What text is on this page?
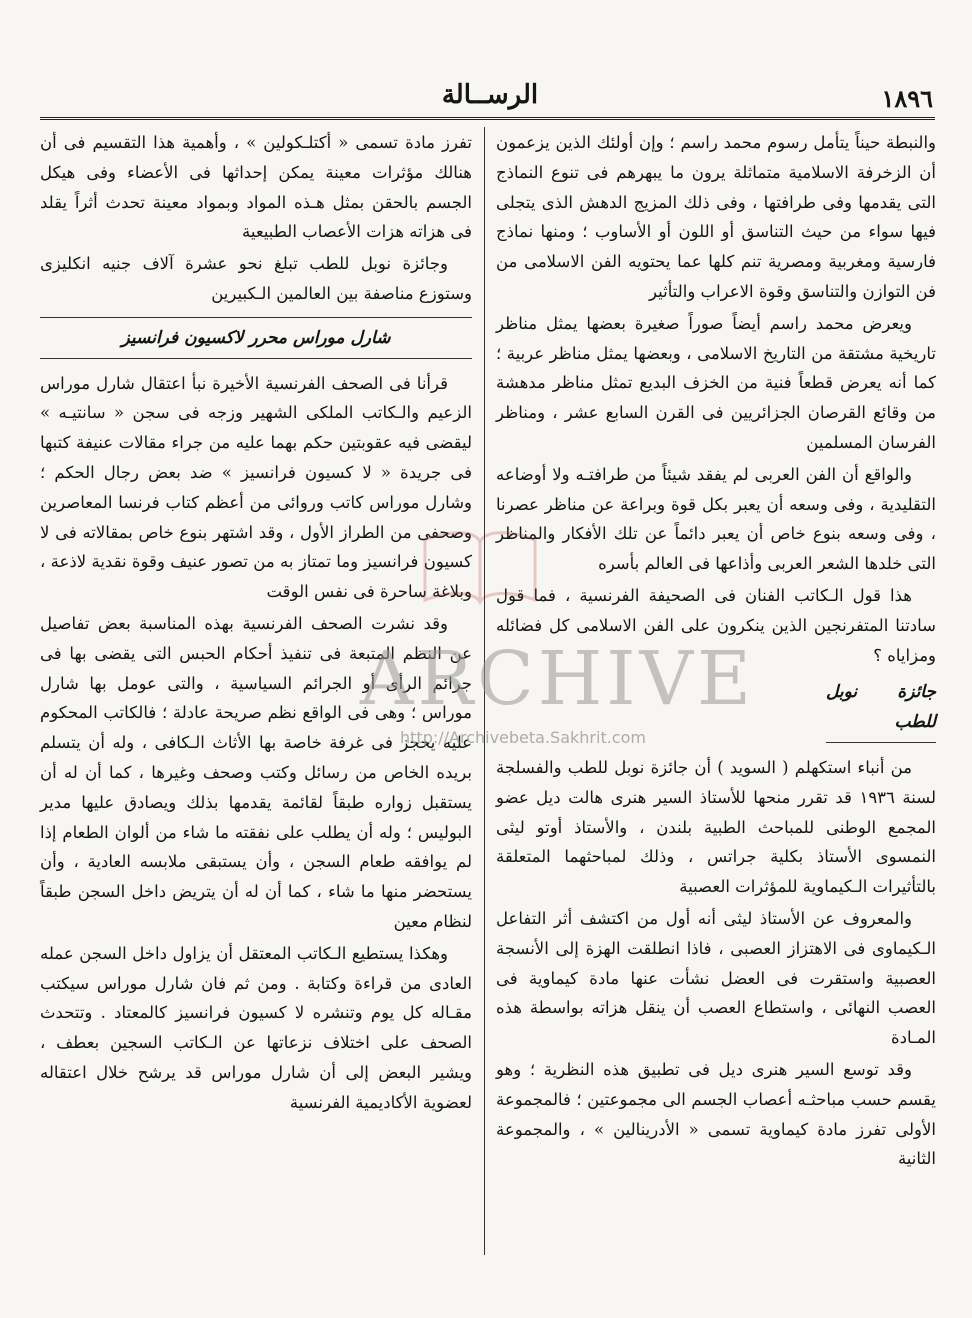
١٨٩٦
الرســالة

والنبطة حيناً يتأمل رسوم محمد راسم ؛ وإن أولئك الذين يزعمون أن الزخرفة الاسلامية متماثلة يرون ما يبهرهم فى تنوع النماذج التى يقدمها وفى طرافتها ، وفى ذلك المزيج الدهش الذى يتجلى فيها سواء من حيث التناسق أو اللون أو الأساوب ؛ ومنها نماذج فارسية ومغربية ومصرية تنم كلها عما يحتويه الفن الاسلامى من فن التوازن والتناسق وقوة الاعراب والتأثير

ويعرض محمد راسم أيضاً صوراً صغيرة بعضها يمثل مناظر تاريخية مشتقة من التاريخ الاسلامى ، وبعضها يمثل مناظر عربية ؛ كما أنه يعرض قطعاً فنية من الخزف البديع تمثل مناظر مدهشة من وقائع القرصان الجزائريين فى القرن السابع عشر ، ومناظر الفرسان المسلمين

والواقع أن الفن العربى لم يفقد شيئاً من طرافتـه ولا أوضاعه التقليدية ، وفى وسعه أن يعبر بكل قوة وبراعة عن مناظر عصرنا ، وفى وسعه بنوع خاص أن يعبر دائماً عن تلك الأفكار والمناظر التى خلدها الشعر العربى وأذاعها فى العالم بأسره

هذا قول الـكاتب الفنان فى الصحيفة الفرنسية ، فما قول سادتنا المتفرنجين الذين ينكرون على الفن الاسلامى كل فضائله ومزاياه ؟

جائزة نوبل للطب

من أنباء استكهلم ( السويد ) أن جائزة نوبل للطب والفسلجة لسنة ١٩٣٦ قد تقرر منحها للأستاذ السير هنرى هالت ديل عضو المجمع الوطنى للمباحث الطبية بلندن ، والأستاذ أوتو ليثى النمسوى الأستاذ بكلية جراتس ، وذلك لمباحثهما المتعلقة بالتأثيرات الـكيماوية للمؤثرات العصبية

والمعروف عن الأستاذ ليثى أنه أول من اكتشف أثر التفاعل الـكيماوى فى الاهتزاز العصبى ، فاذا انطلقت الهزة إلى الأنسجة العصبية واستقرت فى العضل نشأت عنها مادة كيماوية فى العصب النهائى ، واستطاع العصب أن ينقل هزاته بواسطة هذه المـادة

وقد توسع السير هنرى ديل فى تطبيق هذه النظرية ؛ وهو يقسم حسب مباحثـه أعصاب الجسم الى مجموعتين ؛ فالمجموعة الأولى تفرز مادة كيماوية تسمى « الأدرينالين » ، والمجموعة الثانية

تفرز مادة تسمى « أكتلـكولين » ، وأهمية هذا التقسيم فى أن هنالك مؤثرات معينة يمكن إحداثها فى الأعضاء وفى هيكل الجسم بالحقن بمثل هـذه المواد وبمواد معينة تحدث أثراً يقلد فى هزاته هزات الأعصاب الطبيعية

وجائزة نوبل للطب تبلغ نحو عشرة آلاف جنيه انكليزى وستوزع مناصفة بين العالمين الـكبيرين

شارل موراس محرر لاكسيون فرانسيز

قرأنا فى الصحف الفرنسية الأخيرة نبأ اعتقال شارل موراس الزعيم والـكاتب الملكى الشهير وزجه فى سجن « سانتيـه » ليقضى فيه عقوبتين حكم بهما عليه من جراء مقالات عنيفة كتبها فى جريدة « لا كسيون فرانسيز » ضد بعض رجال الحكم ؛ وشارل موراس كاتب وروائى من أعظم كتاب فرنسا المعاصرين وصحفى من الطراز الأول ، وقد اشتهر بنوع خاص بمقالاته فى لا كسيون فرانسيز وما تمتاز به من تصور عنيف وقوة نقدية لاذعة ، وبلاغة ساحرة فى نفس الوقت

وقد نشرت الصحف الفرنسية بهذه المناسبة بعض تفاصيل عن النظم المتبعة فى تنفيذ أحكام الحبس التى يقضى بها فى جرائم الرأى أو الجرائم السياسية ، والتى عومل بها شارل موراس ؛ وهى فى الواقع نظم صريحة عادلة ؛ فالكاتب المحكوم عليه يحجز فى غرفة خاصة بها الأثاث الـكافى ، وله أن يتسلم بريده الخاص من رسائل وكتب وصحف وغيرها ، كما أن له أن يستقبل زواره طبقاً لقائمة يقدمها بذلك ويصادق عليها مدير البوليس ؛ وله أن يطلب على نفقته ما شاء من ألوان الطعام إذا لم يوافقه طعام السجن ، وأن يستبقى ملابسه العادية ، وأن يستحضر منها ما شاء ، كما أن له أن يتريض داخل السجن طبقاً لنظام معين

وهكذا يستطيع الـكاتب المعتقل أن يزاول داخل السجن عمله العادى من قراءة وكتابة . ومن ثم فان شارل موراس سيكتب مقـاله كل يوم وتنشره لا كسيون فرانسيز كالمعتاد . وتتحدث الصحف على اختلاف نزعاتها عن الـكاتب السجين بعطف ، ويشير البعض إلى أن شارل موراس قد يرشح خلال اعتقاله لعضوية الأكاديمية الفرنسية

ARCHIVE
http://Archivebeta.Sakhrit.com
